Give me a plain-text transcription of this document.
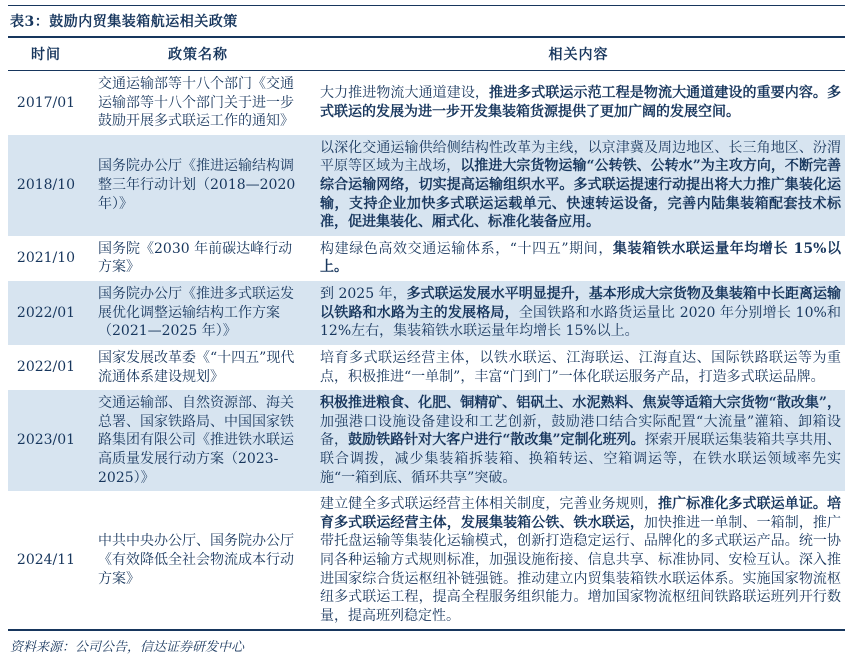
表3：鼓励内贸集装箱航运相关政策
时间	政策名称	相关内容
2017/01	交通运输部等十八个部门《交通运输部等十八个部门关于进一步鼓励开展多式联运工作的通知》	大力推进物流大通道建设，推进多式联运示范工程是物流大通道建设的重要内容。多式联运的发展为进一步开发集装箱货源提供了更加广阔的发展空间。
2018/10	国务院办公厅《推进运输结构调整三年行动计划（2018—2020 年）》	以深化交通运输供给侧结构性改革为主线，以京津冀及周边地区、长三角地区、汾渭平原等区域为主战场，以推进大宗货物运输“公转铁、公转水”为主攻方向，不断完善综合运输网络，切实提高运输组织水平。多式联运提速行动提出将大力推广集装化运输，支持企业加快多式联运运载单元、快速转运设备，完善内陆集装箱配套技术标准，促进集装化、厢式化、标准化装备应用。
2021/10	国务院《2030 年前碳达峰行动方案》	构建绿色高效交通运输体系，“十四五”期间，集装箱铁水联运量年均增长 15%以上。
2022/01	国务院办公厅《推进多式联运发展优化调整运输结构工作方案（2021—2025 年）》	到 2025 年，多式联运发展水平明显提升，基本形成大宗货物及集装箱中长距离运输以铁路和水路为主的发展格局，全国铁路和水路货运量比 2020 年分别增长 10%和 12%左右，集装箱铁水联运量年均增长 15%以上。
2022/01	国家发展改革委《“十四五”现代流通体系建设规划》	培育多式联运经营主体，以铁水联运、江海联运、江海直达、国际铁路联运等为重点，积极推进“一单制”，丰富“门到门”一体化联运服务产品，打造多式联运品牌。
2023/01	交通运输部、自然资源部、海关总署、国家铁路局、中国国家铁路集团有限公司《推进铁水联运高质量发展行动方案（2023-2025）》	积极推进粮食、化肥、铜精矿、铝矾土、水泥熟料、焦炭等适箱大宗货物“散改集”，加强港口设施设备建设和工艺创新，鼓励港口结合实际配置“大流量”灌箱、卸箱设备，鼓励铁路针对大客户进行“散改集”定制化班列。探索开展联运集装箱共享共用、联合调拨，减少集装箱拆装箱、换箱转运、空箱调运等，在铁水联运领域率先实施“一箱到底、循环共享”突破。
2024/11	中共中央办公厅、国务院办公厅《有效降低全社会物流成本行动方案》	建立健全多式联运经营主体相关制度，完善业务规则，推广标准化多式联运单证。培育多式联运经营主体，发展集装箱公铁、铁水联运，加快推进一单制、一箱制，推广带托盘运输等集装化运输模式，创新打造稳定运行、品牌化的多式联运产品。统一协同各种运输方式规则标准，加强设施衔接、信息共享、标准协同、安检互认。深入推进国家综合货运枢纽补链强链。推动建立内贸集装箱铁水联运体系。实施国家物流枢纽多式联运工程，提高全程服务组织能力。增加国家物流枢纽间铁路联运班列开行数量，提高班列稳定性。
资料来源：公司公告，信达证券研发中心
